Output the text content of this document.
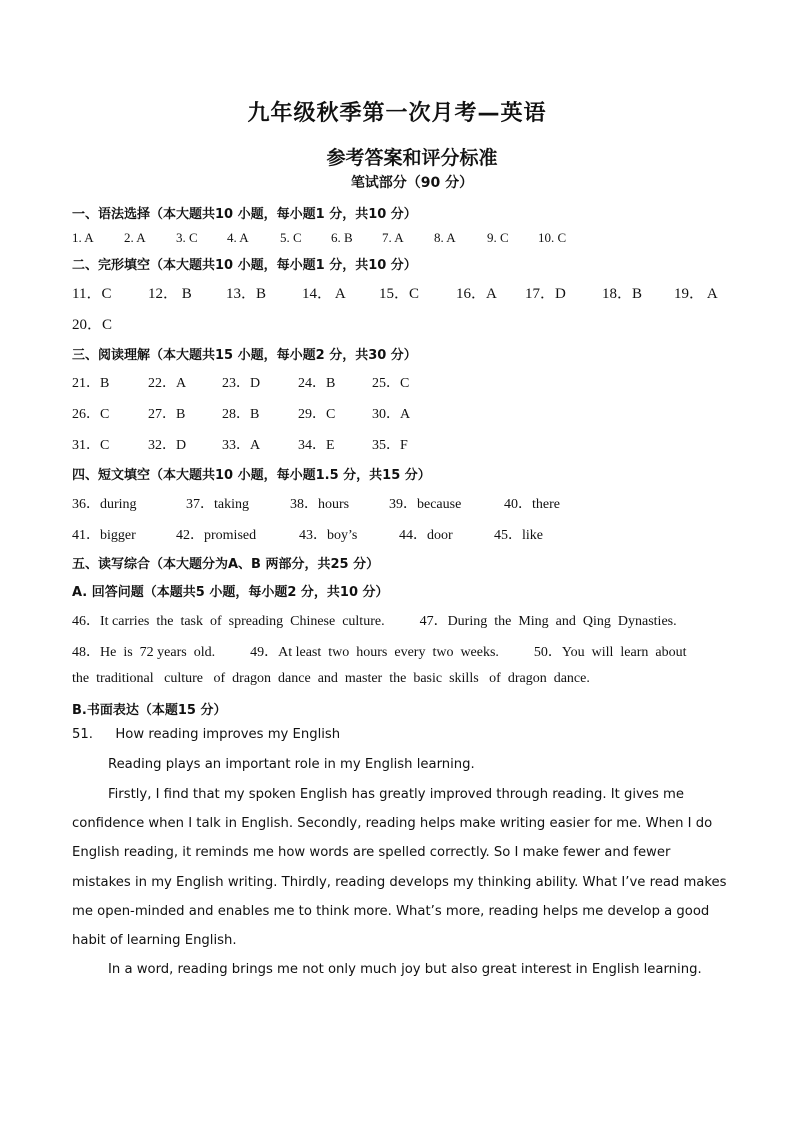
九年级秋季第一次月考—英语
参考答案和评分标准
笔试部分（90 分）
一、语法选择（本大题共10 小题，每小题1 分，共10 分）
1. A 2. A 3. C 4. A 5. C 6. B 7. A 8. A 9. C 10. C
二、完形填空（本大题共10 小题，每小题1 分，共10 分）
11．C 12． B 13．B 14． A 15．C 16．A 17．D 18．B 19． A
20．C
三、阅读理解（本大题共15 小题，每小题2 分，共30 分）
21．B	22．A	23．D	24．B	25．C
26．C	27．B	28．B	29．C	30．A
31．C	32．D	33．A	34．E	35．F
四、短文填空（本大题共10 小题，每小题1.5 分，共15 分）
36．during	37．taking	38．hours	39．because	40．there
41．bigger	42．promised	43．boy’s	44．door	45．like
五、读写综合（本大题分为A、B 两部分，共25 分）
A. 回答问题（本题共5 小题，每小题2 分，共10 分）
46．It carries  the  task  of  spreading  Chinese  culture.          47．During  the  Ming  and  Qing  Dynasties.
48．He  is  72 years  old.          49．At least  two  hours  every  two  weeks.          50．You  will  learn  about
the  traditional   culture   of  dragon  dance  and  master  the  basic  skills   of  dragon  dance.
B.书面表达（本题15 分）
51. How reading improves my English
Reading plays an important role in my English learning.
Firstly, I find that my spoken English has greatly improved through reading. It gives me
confidence when I talk in English. Secondly, reading helps make writing easier for me. When I do
English reading, it reminds me how words are spelled correctly. So I make fewer and fewer
mistakes in my English writing. Thirdly, reading develops my thinking ability. What I’ve read makes
me open-minded and enables me to think more. What’s more, reading helps me develop a good
habit of learning English.
In a word, reading brings me not only much joy but also great interest in English learning.
